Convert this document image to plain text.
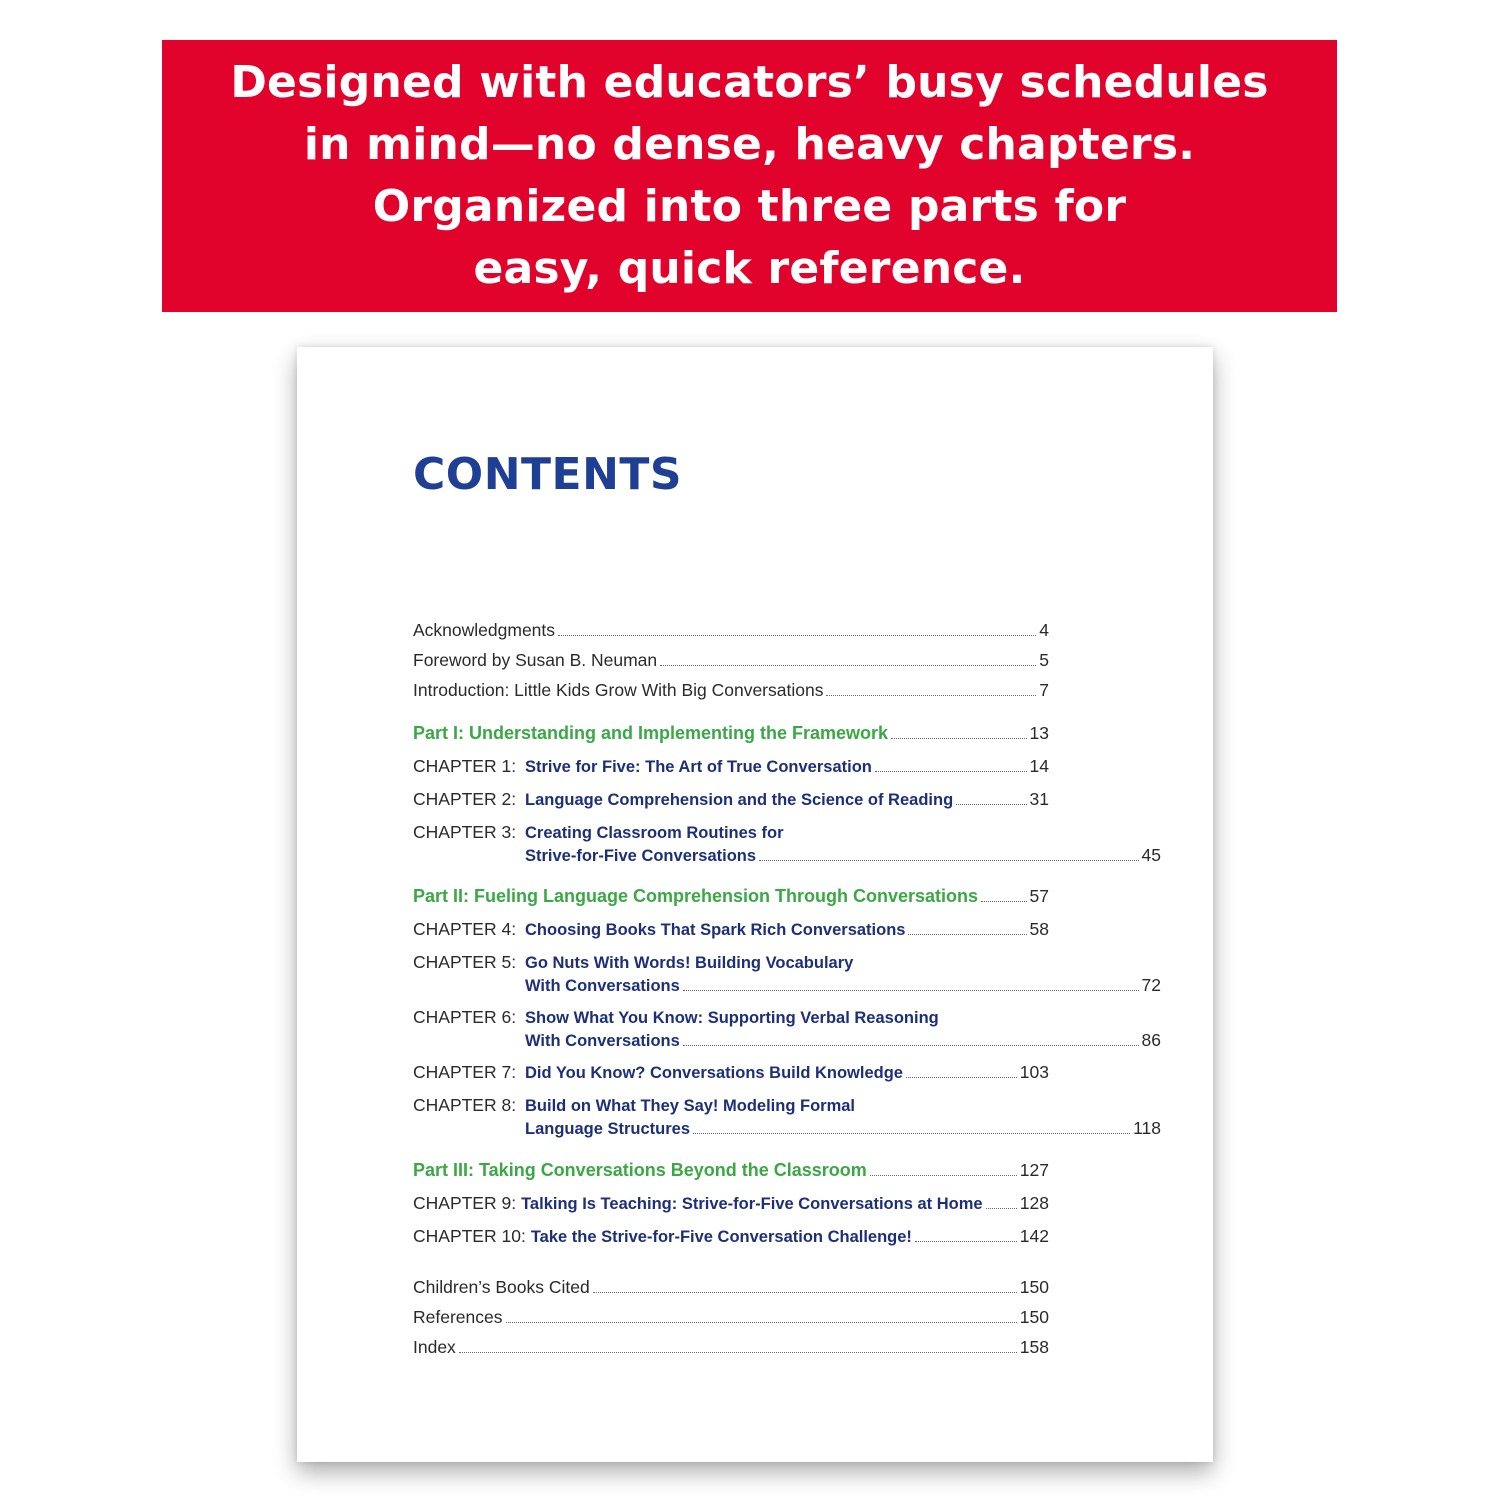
Designed with educators’ busy schedules
in mind—no dense, heavy chapters.
Organized into three parts for
easy, quick reference.
CONTENTS
Acknowledgments	4
Foreword by Susan B. Neuman	5
Introduction: Little Kids Grow With Big Conversations	7
Part I: Understanding and Implementing the Framework	13
CHAPTER 1: Strive for Five: The Art of True Conversation	14
CHAPTER 2: Language Comprehension and the Science of Reading	31
CHAPTER 3: Creating Classroom Routines for
Strive-for-Five Conversations	45
Part II: Fueling Language Comprehension Through Conversations	57
CHAPTER 4: Choosing Books That Spark Rich Conversations	58
CHAPTER 5: Go Nuts With Words! Building Vocabulary
With Conversations	72
CHAPTER 6: Show What You Know: Supporting Verbal Reasoning
With Conversations	86
CHAPTER 7: Did You Know? Conversations Build Knowledge	103
CHAPTER 8: Build on What They Say! Modeling Formal
Language Structures	118
Part III: Taking Conversations Beyond the Classroom	127
CHAPTER 9: Talking Is Teaching: Strive-for-Five Conversations at Home 128
CHAPTER 10: Take the Strive-for-Five Conversation Challenge!	142
Children’s Books Cited	150
References	150
Index	158
